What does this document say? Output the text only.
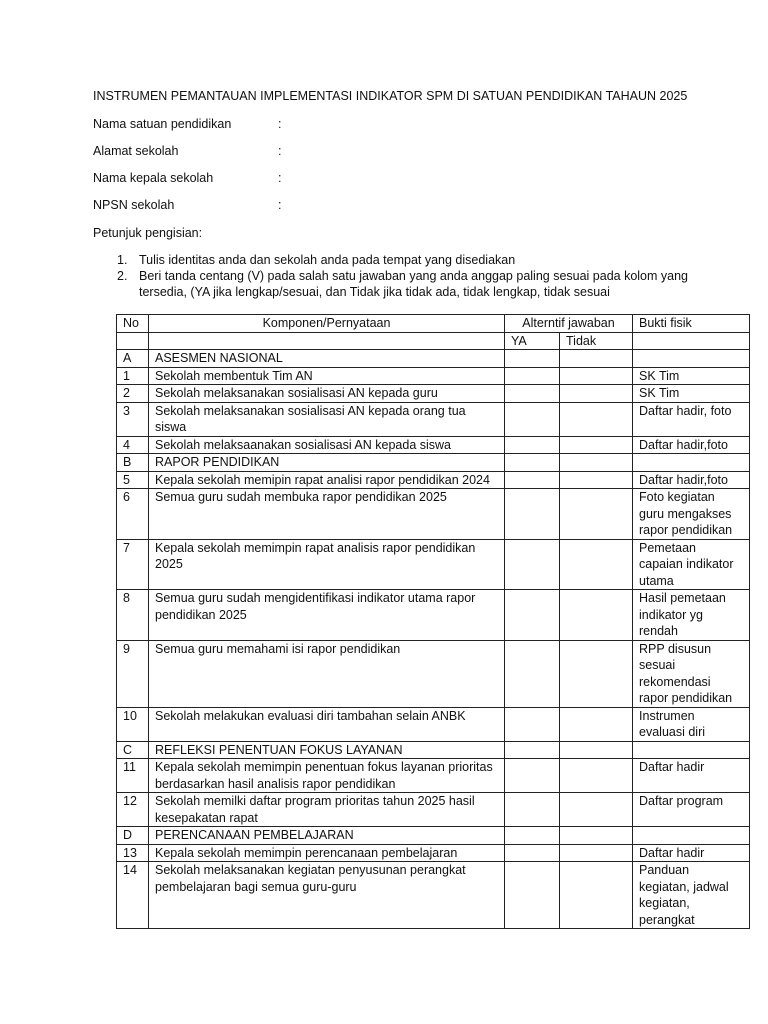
INSTRUMEN PEMANTAUAN IMPLEMENTASI INDIKATOR SPM DI SATUAN PENDIDIKAN TAHAUN 2025
Nama satuan pendidikan	:
Alamat sekolah	:
Nama kepala sekolah	:
NPSN sekolah	:
Petunjuk pengisian:
1. Tulis identitas anda dan sekolah anda pada tempat yang disediakan
2. Beri tanda centang (V) pada salah satu jawaban yang anda anggap paling sesuai pada kolom yang tersedia, (YA jika lengkap/sesuai, dan Tidak jika tidak ada, tidak lengkap, tidak sesuai
No	Komponen/Pernyataan	Alterntif jawaban		Bukti fisik
		YA	Tidak	
A	ASESMEN NASIONAL			
1	Sekolah membentuk Tim AN			SK Tim
2	Sekolah melaksanakan sosialisasi AN kepada guru			SK Tim
3	Sekolah melaksanakan sosialisasi AN kepada orang tua siswa			Daftar hadir, foto
4	Sekolah melaksaanakan sosialisasi AN kepada siswa			Daftar hadir,foto
B	RAPOR PENDIDIKAN			
5	Kepala sekolah memipin rapat analisi rapor pendidikan 2024			Daftar hadir,foto
6	Semua guru sudah membuka rapor pendidikan 2025			Foto kegiatan guru mengakses rapor pendidikan
7	Kepala sekolah memimpin rapat analisis rapor pendidikan 2025			Pemetaan capaian indikator utama
8	Semua guru sudah mengidentifikasi indikator utama rapor pendidikan 2025			Hasil pemetaan indikator yg rendah
9	Semua guru memahami isi rapor pendidikan			RPP disusun sesuai rekomendasi rapor pendidikan
10	Sekolah melakukan evaluasi diri tambahan selain ANBK			Instrumen evaluasi diri
C	REFLEKSI PENENTUAN FOKUS LAYANAN			
11	Kepala sekolah memimpin penentuan fokus layanan prioritas berdasarkan hasil analisis rapor pendidikan			Daftar hadir
12	Sekolah memilki daftar program prioritas tahun 2025 hasil kesepakatan rapat			Daftar program
D	PERENCANAAN PEMBELAJARAN			
13	Kepala sekolah memimpin perencanaan pembelajaran			Daftar hadir
14	Sekolah melaksanakan kegiatan penyusunan perangkat pembelajaran bagi semua guru-guru			Panduan kegiatan, jadwal kegiatan, perangkat
